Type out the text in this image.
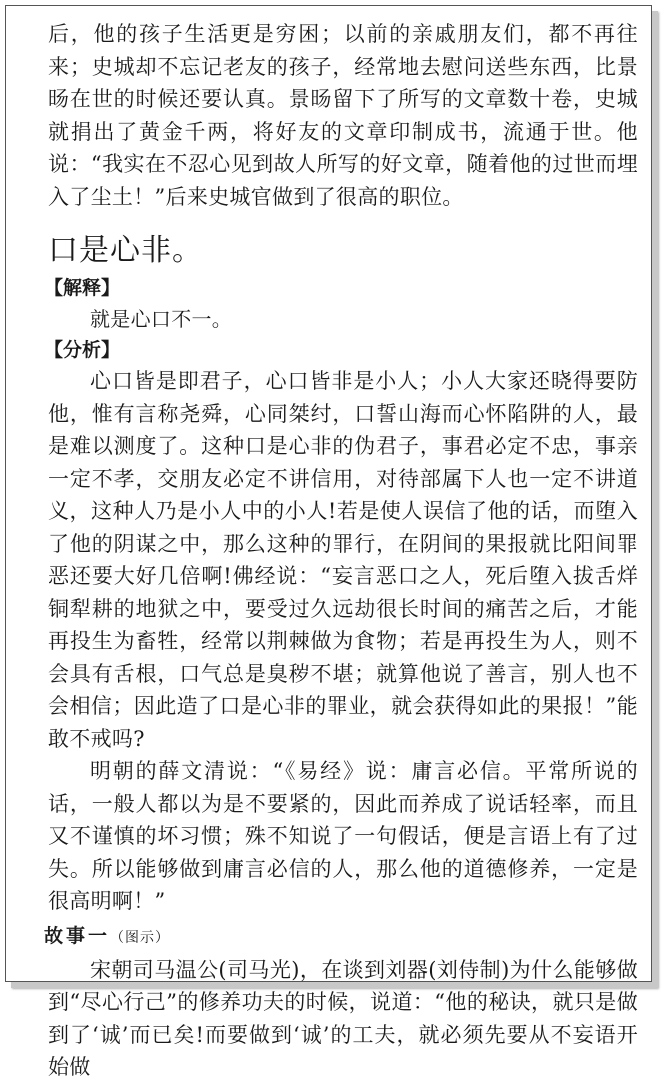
后，他的孩子生活更是穷困；以前的亲戚朋友们，都不再往来；史城却不忘记老友的孩子，经常地去慰问送些东西，比景旸在世的时候还要认真。景旸留下了所写的文章数十卷，史城就捐出了黄金千两，将好友的文章印制成书，流通于世。他说：“我实在不忍心见到故人所写的好文章，随着他的过世而埋入了尘土！”后来史城官做到了很高的职位。

口是心非。
【解释】

就是心口不一。

【分析】

心口皆是即君子，心口皆非是小人；小人大家还晓得要防他，惟有言称尧舜，心同桀纣，口誓山海而心怀陷阱的人，最是难以测度了。这种口是心非的伪君子，事君必定不忠，事亲一定不孝，交朋友必定不讲信用，对待部属下人也一定不讲道义，这种人乃是小人中的小人!若是使人误信了他的话，而堕入了他的阴谋之中，那么这种的罪行，在阴间的果报就比阳间罪恶还要大好几倍啊!佛经说：“妄言恶口之人，死后堕入拔舌烊铜犁耕的地狱之中，要受过久远劫很长时间的痛苦之后，才能再投生为畜牲，经常以荆棘做为食物；若是再投生为人，则不会具有舌根，口气总是臭秽不堪；就算他说了善言，别人也不会相信；因此造了口是心非的罪业，就会获得如此的果报！”能敢不戒吗?

明朝的薛文清说：“《易经》说：庸言必信。平常所说的话，一般人都以为是不要紧的，因此而养成了说话轻率，而且又不谨慎的坏习惯；殊不知说了一句假话，便是言语上有了过失。所以能够做到庸言必信的人，那么他的道德修养，一定是很高明啊！”

故事一（图示）

宋朝司马温公(司马光)，在谈到刘器(刘侍制)为什么能够做到“尽心行己”的修养功夫的时候，说道：“他的秘诀，就只是做到了‘诚’而已矣!而要做到‘诚’的工夫，就必须先要从不妄语开始做
